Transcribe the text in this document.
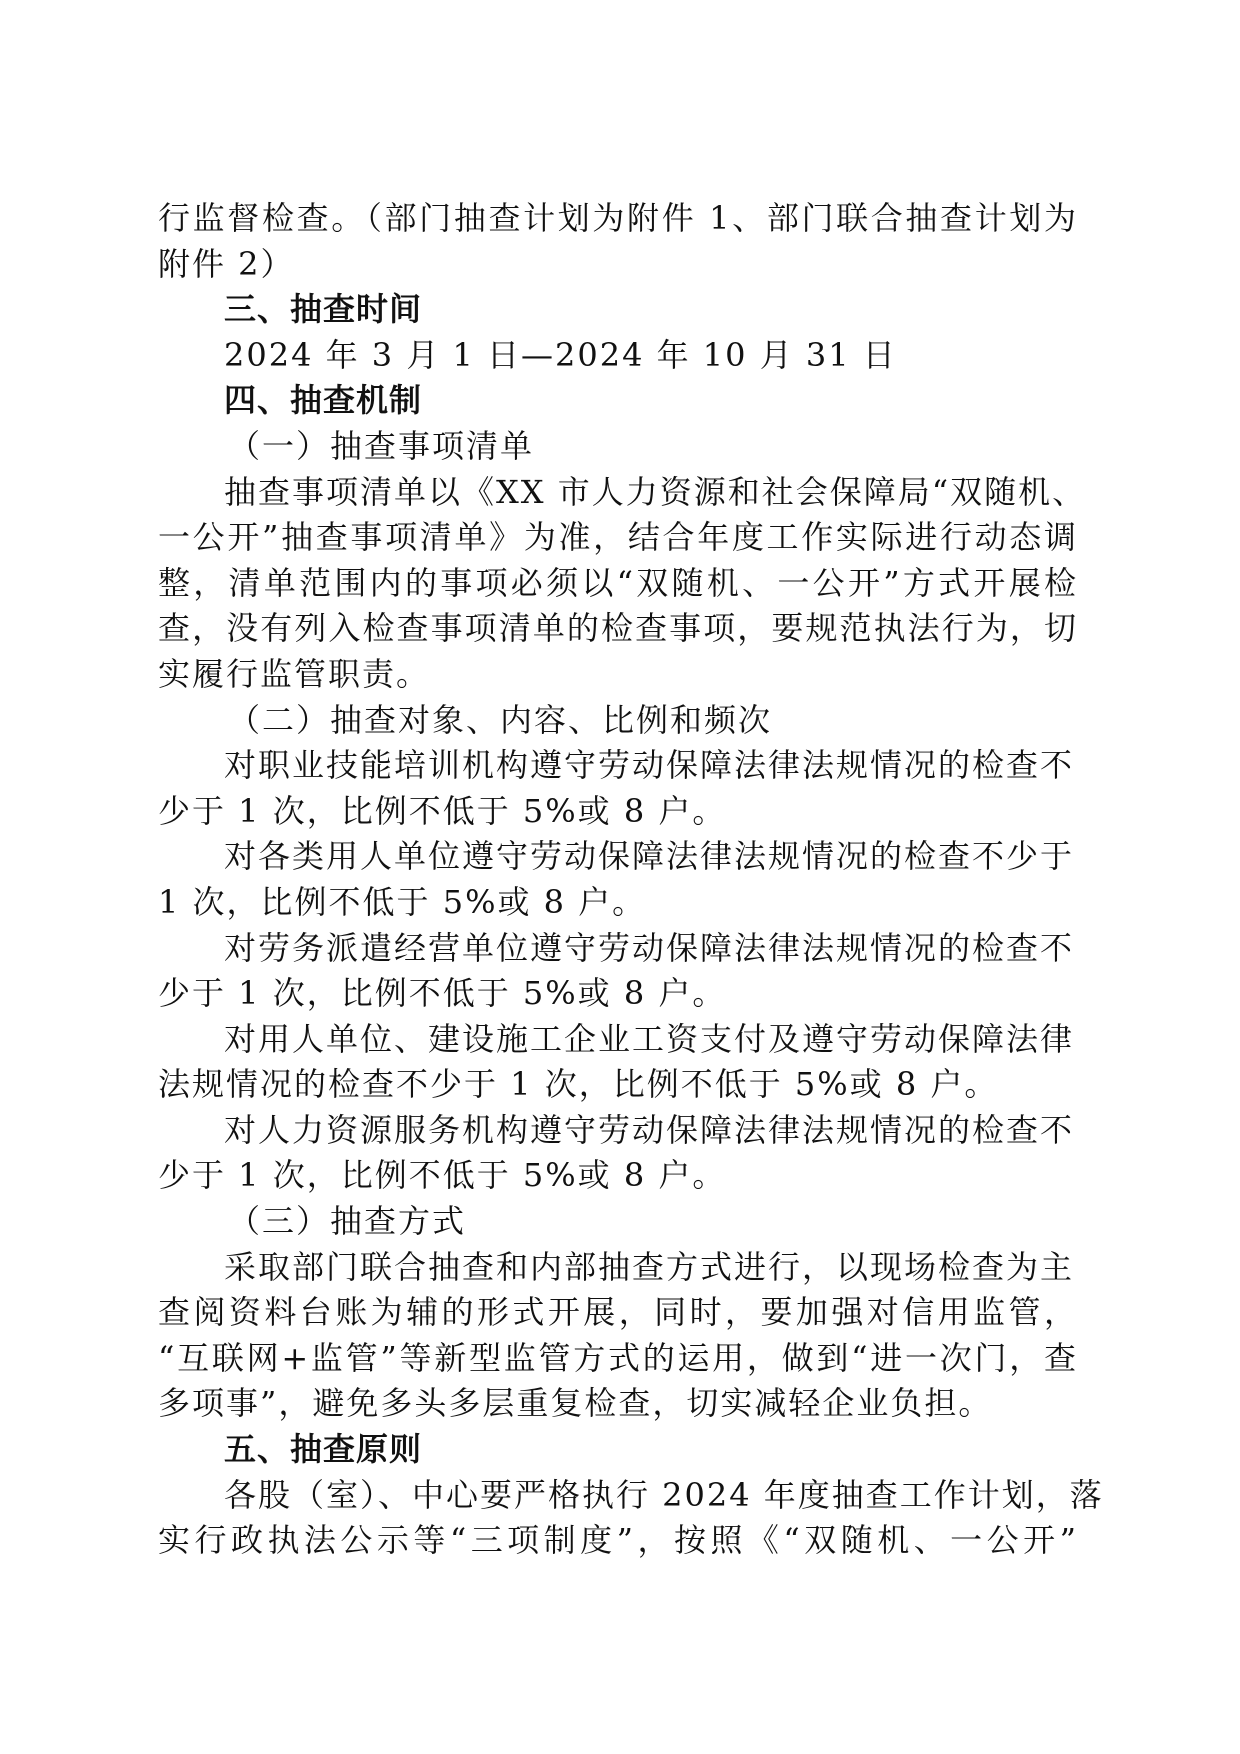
行监督检查。（部门抽查计划为附件 1、部门联合抽查计划为
附件 2）
三、抽查时间
2024 年 3 月 1 日—2024 年 10 月 31 日
四、抽查机制
（一）抽查事项清单
抽查事项清单以《XX 市人力资源和社会保障局“双随机、
一公开”抽查事项清单》为准，结合年度工作实际进行动态调
整，清单范围内的事项必须以“双随机、一公开”方式开展检
查，没有列入检查事项清单的检查事项，要规范执法行为，切
实履行监管职责。
（二）抽查对象、内容、比例和频次
对职业技能培训机构遵守劳动保障法律法规情况的检查不
少于 1 次，比例不低于 5%或 8 户。
对各类用人单位遵守劳动保障法律法规情况的检查不少于
1 次，比例不低于 5%或 8 户。
对劳务派遣经营单位遵守劳动保障法律法规情况的检查不
少于 1 次，比例不低于 5%或 8 户。
对用人单位、建设施工企业工资支付及遵守劳动保障法律
法规情况的检查不少于 1 次，比例不低于 5%或 8 户。
对人力资源服务机构遵守劳动保障法律法规情况的检查不
少于 1 次，比例不低于 5%或 8 户。
（三）抽查方式
采取部门联合抽查和内部抽查方式进行，以现场检查为主
查阅资料台账为辅的形式开展，同时，要加强对信用监管，
“互联网+监管”等新型监管方式的运用，做到“进一次门，查
多项事”，避免多头多层重复检查，切实减轻企业负担。
五、抽查原则
各股（室）、中心要严格执行 2024 年度抽查工作计划，落
实行政执法公示等“三项制度”，按照《“双随机、一公开”
